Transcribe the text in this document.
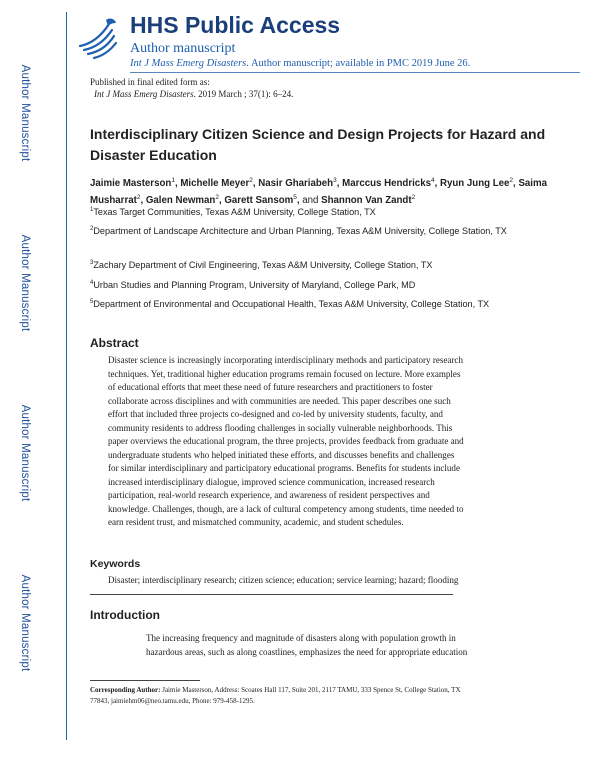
Author Manuscript
Author Manuscript
Author Manuscript
Author Manuscript
HHS Public Access
Author manuscript
Int J Mass Emerg Disasters. Author manuscript; available in PMC 2019 June 26.
Published in final edited form as:
Int J Mass Emerg Disasters. 2019 March ; 37(1): 6–24.
Interdisciplinary Citizen Science and Design Projects for Hazard and Disaster Education
Jaimie Masterson$^1$, Michelle Meyer$^2$, Nasir Ghariabeh$^3$, Marccus Hendricks$^4$, Ryun Jung Lee$^2$, Saima Musharrat$^2$, Galen Newman$^2$, Garett Sansom$^5$, and Shannon Van Zandt$^2$
$^1$Texas Target Communities, Texas A&M University, College Station, TX
$^2$Department of Landscape Architecture and Urban Planning, Texas A&M University, College Station, TX
$^3$Zachary Department of Civil Engineering, Texas A&M University, College Station, TX
$^4$Urban Studies and Planning Program, University of Maryland, College Park, MD
$^5$Department of Environmental and Occupational Health, Texas A&M University, College Station, TX
Abstract
Disaster science is increasingly incorporating interdisciplinary methods and participatory research
techniques. Yet, traditional higher education programs remain focused on lecture. More examples
of educational efforts that meet these need of future researchers and practitioners to foster
collaborate across disciplines and with communities are needed. This paper describes one such
effort that included three projects co-designed and co-led by university students, faculty, and
community residents to address flooding challenges in socially vulnerable neighborhoods. This
paper overviews the educational program, the three projects, provides feedback from graduate and
undergraduate students who helped initiated these efforts, and discusses benefits and challenges
for similar interdisciplinary and participatory educational programs. Benefits for students include
increased interdisciplinary dialogue, improved science communication, increased research
participation, real-world research experience, and awareness of resident perspectives and
knowledge. Challenges, though, are a lack of cultural competency among students, time needed to
earn resident trust, and mismatched community, academic, and student schedules.
Keywords
Disaster; interdisciplinary research; citizen science; education; service learning; hazard; flooding
Introduction
The increasing frequency and magnitude of disasters along with population growth in
hazardous areas, such as along coastlines, emphasizes the need for appropriate education
Corresponding Author: Jaimie Masterson, Address: Scoates Hall 117, Suite 201, 2117 TAMU, 333 Spence St, College Station, TX
77843, jaimiehm06@neo.tamu.edu, Phone: 979-458-1295.
